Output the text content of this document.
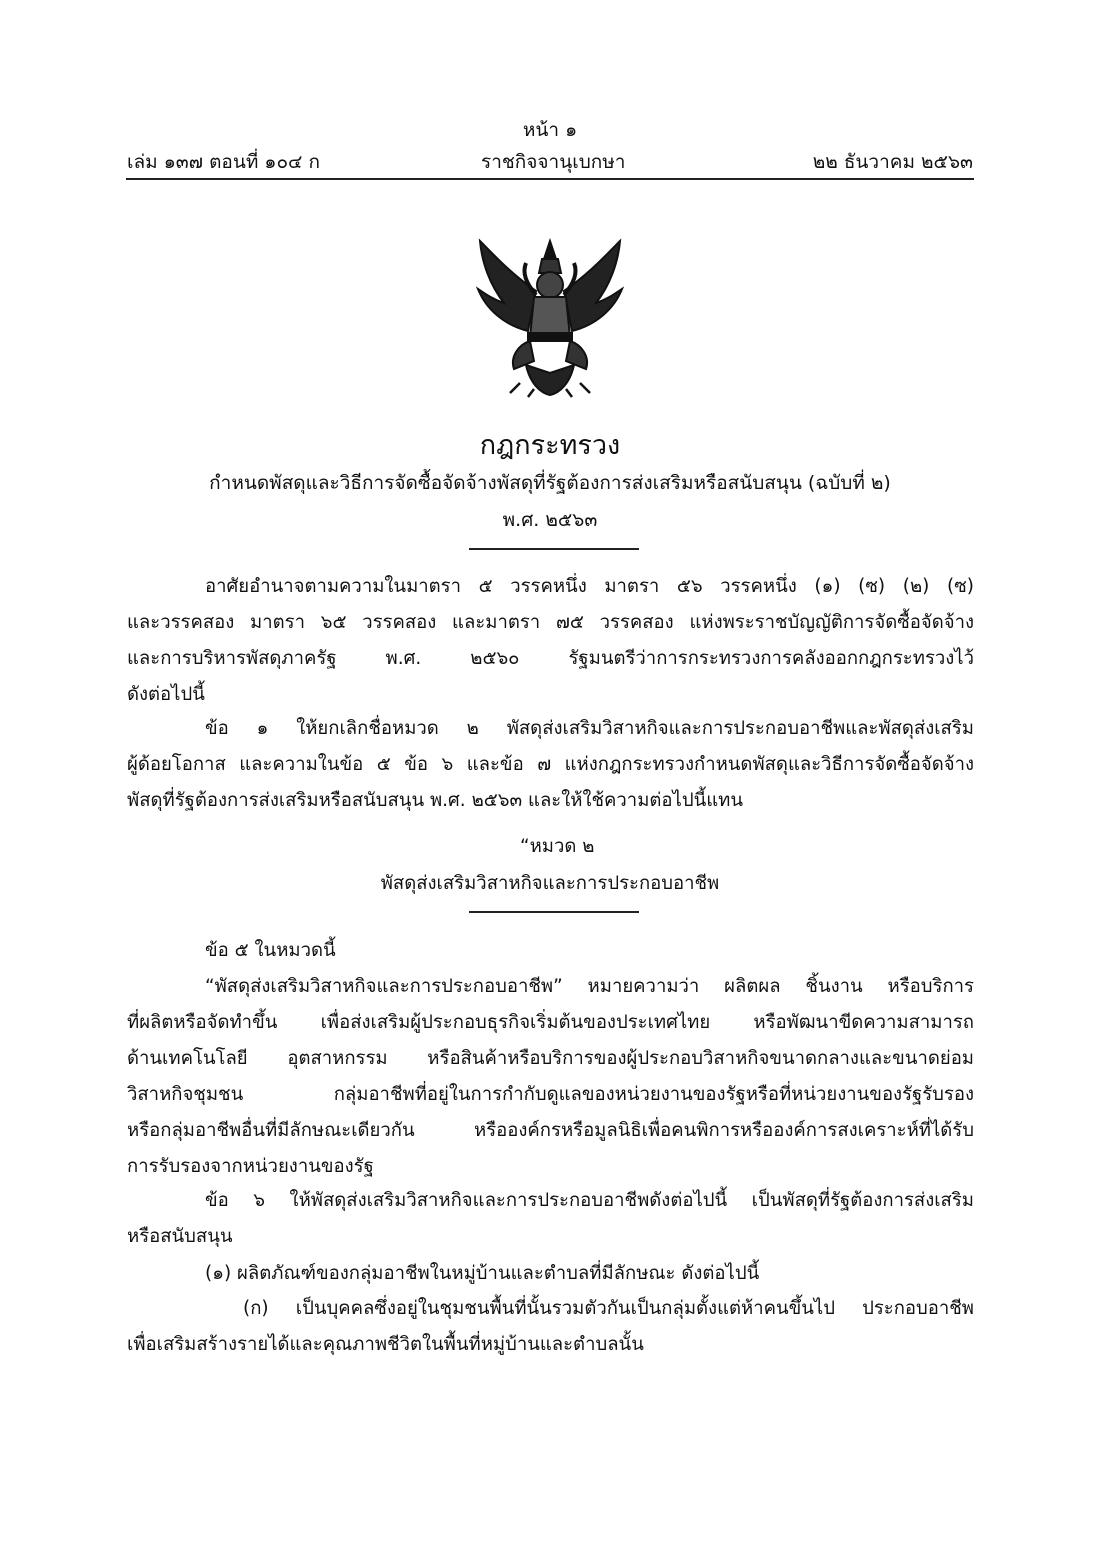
หน้า ๑
เล่ม ๑๓๗ ตอนที่ ๑๐๔ ก	ราชกิจจานุเบกษา	๒๒ ธันวาคม ๒๕๖๓
กฎกระทรวง
กำหนดพัสดุและวิธีการจัดซื้อจัดจ้างพัสดุที่รัฐต้องการส่งเสริมหรือสนับสนุน (ฉบับที่ ๒)
พ.ศ. ๒๕๖๓
อาศัยอำนาจตามความในมาตรา ๕ วรรคหนึ่ง มาตรา ๕๖ วรรคหนึ่ง (๑) (ซ) (๒) (ซ)
และวรรคสอง มาตรา ๖๕ วรรคสอง และมาตรา ๗๕ วรรคสอง แห่งพระราชบัญญัติการจัดซื้อจัดจ้าง
และการบริหารพัสดุภาครัฐ พ.ศ. ๒๕๖๐ รัฐมนตรีว่าการกระทรวงการคลังออกกฎกระทรวงไว้
ดังต่อไปนี้
ข้อ ๑ ให้ยกเลิกชื่อหมวด ๒ พัสดุส่งเสริมวิสาหกิจและการประกอบอาชีพและพัสดุส่งเสริม
ผู้ด้อยโอกาส และความในข้อ ๕ ข้อ ๖ และข้อ ๗ แห่งกฎกระทรวงกำหนดพัสดุและวิธีการจัดซื้อจัดจ้าง
พัสดุที่รัฐต้องการส่งเสริมหรือสนับสนุน พ.ศ. ๒๕๖๓ และให้ใช้ความต่อไปนี้แทน
“หมวด ๒
พัสดุส่งเสริมวิสาหกิจและการประกอบอาชีพ
ข้อ ๕ ในหมวดนี้
“พัสดุส่งเสริมวิสาหกิจและการประกอบอาชีพ” หมายความว่า ผลิตผล ชิ้นงาน หรือบริการ
ที่ผลิตหรือจัดทำขึ้น เพื่อส่งเสริมผู้ประกอบธุรกิจเริ่มต้นของประเทศไทย หรือพัฒนาขีดความสามารถ
ด้านเทคโนโลยี อุตสาหกรรม หรือสินค้าหรือบริการของผู้ประกอบวิสาหกิจขนาดกลางและขนาดย่อม
วิสาหกิจชุมชน กลุ่มอาชีพที่อยู่ในการกำกับดูแลของหน่วยงานของรัฐหรือที่หน่วยงานของรัฐรับรอง
หรือกลุ่มอาชีพอื่นที่มีลักษณะเดียวกัน หรือองค์กรหรือมูลนิธิเพื่อคนพิการหรือองค์การสงเคราะห์ที่ได้รับ
การรับรองจากหน่วยงานของรัฐ
ข้อ ๖ ให้พัสดุส่งเสริมวิสาหกิจและการประกอบอาชีพดังต่อไปนี้ เป็นพัสดุที่รัฐต้องการส่งเสริม
หรือสนับสนุน
(๑) ผลิตภัณฑ์ของกลุ่มอาชีพในหมู่บ้านและตำบลที่มีลักษณะ ดังต่อไปนี้
(ก) เป็นบุคคลซึ่งอยู่ในชุมชนพื้นที่นั้นรวมตัวกันเป็นกลุ่มตั้งแต่ห้าคนขึ้นไป ประกอบอาชีพ
เพื่อเสริมสร้างรายได้และคุณภาพชีวิตในพื้นที่หมู่บ้านและตำบลนั้น
